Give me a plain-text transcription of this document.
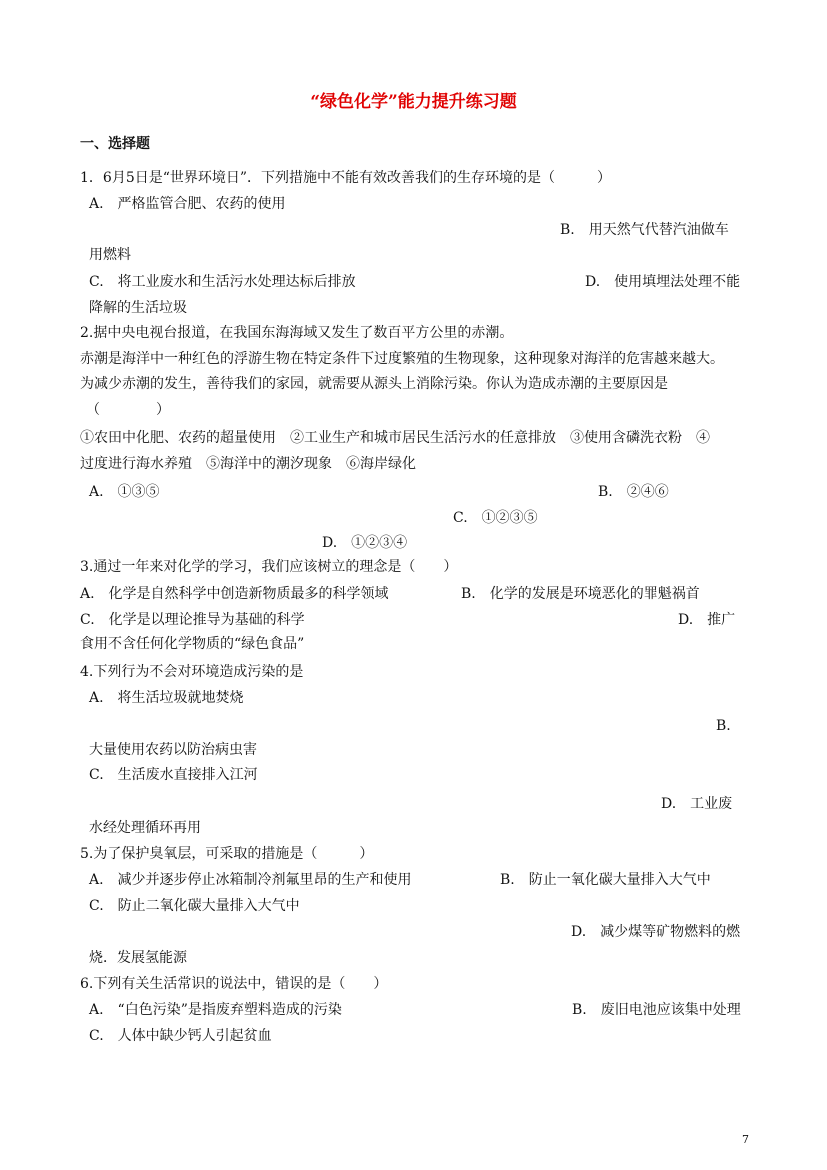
“绿色化学”能力提升练习题
一、选择题
1．6月5日是“世界环境日”．下列措施中不能有效改善我们的生存环境的是（　　　）
A.　严格监管合肥、农药的使用
B.　用天然气代替汽油做车
用燃料
C.　将工业废水和生活污水处理达标后排放	D.　使用填埋法处理不能
降解的生活垃圾
2.据中央电视台报道，在我国东海海域又发生了数百平方公里的赤潮。
赤潮是海洋中一种红色的浮游生物在特定条件下过度繁殖的生物现象，这种现象对海洋的危害越来越大。
为减少赤潮的发生，善待我们的家园，就需要从源头上消除污染。你认为造成赤潮的主要原因是
（　　　　）
①农田中化肥、农药的超量使用　②工业生产和城市居民生活污水的任意排放　③使用含磷洗衣粉　④
过度进行海水养殖　⑤海洋中的潮汐现象　⑥海岸绿化
A.　①③⑤	B.　②④⑥
C.　①②③⑤
D.　①②③④
3.通过一年来对化学的学习，我们应该树立的理念是（　　）
A.　化学是自然科学中创造新物质最多的科学领域	B.　化学的发展是环境恶化的罪魁祸首
C.　化学是以理论推导为基础的科学	D.　推广
食用不含任何化学物质的“绿色食品”
4.下列行为不会对环境造成污染的是
A.　将生活垃圾就地焚烧
B.
大量使用农药以防治病虫害
C.　生活废水直接排入江河
D.　工业废
水经处理循环再用
5.为了保护臭氧层，可采取的措施是（　　　）
A.　减少并逐步停止冰箱制冷剂氟里昂的生产和使用	B.　防止一氧化碳大量排入大气中
C.　防止二氧化碳大量排入大气中
D.　减少煤等矿物燃料的燃
烧．发展氢能源
6.下列有关生活常识的说法中，错误的是（　　）
A.　“白色污染”是指废弃塑料造成的污染	B.　废旧电池应该集中处理
C.　人体中缺少钙人引起贫血
7
